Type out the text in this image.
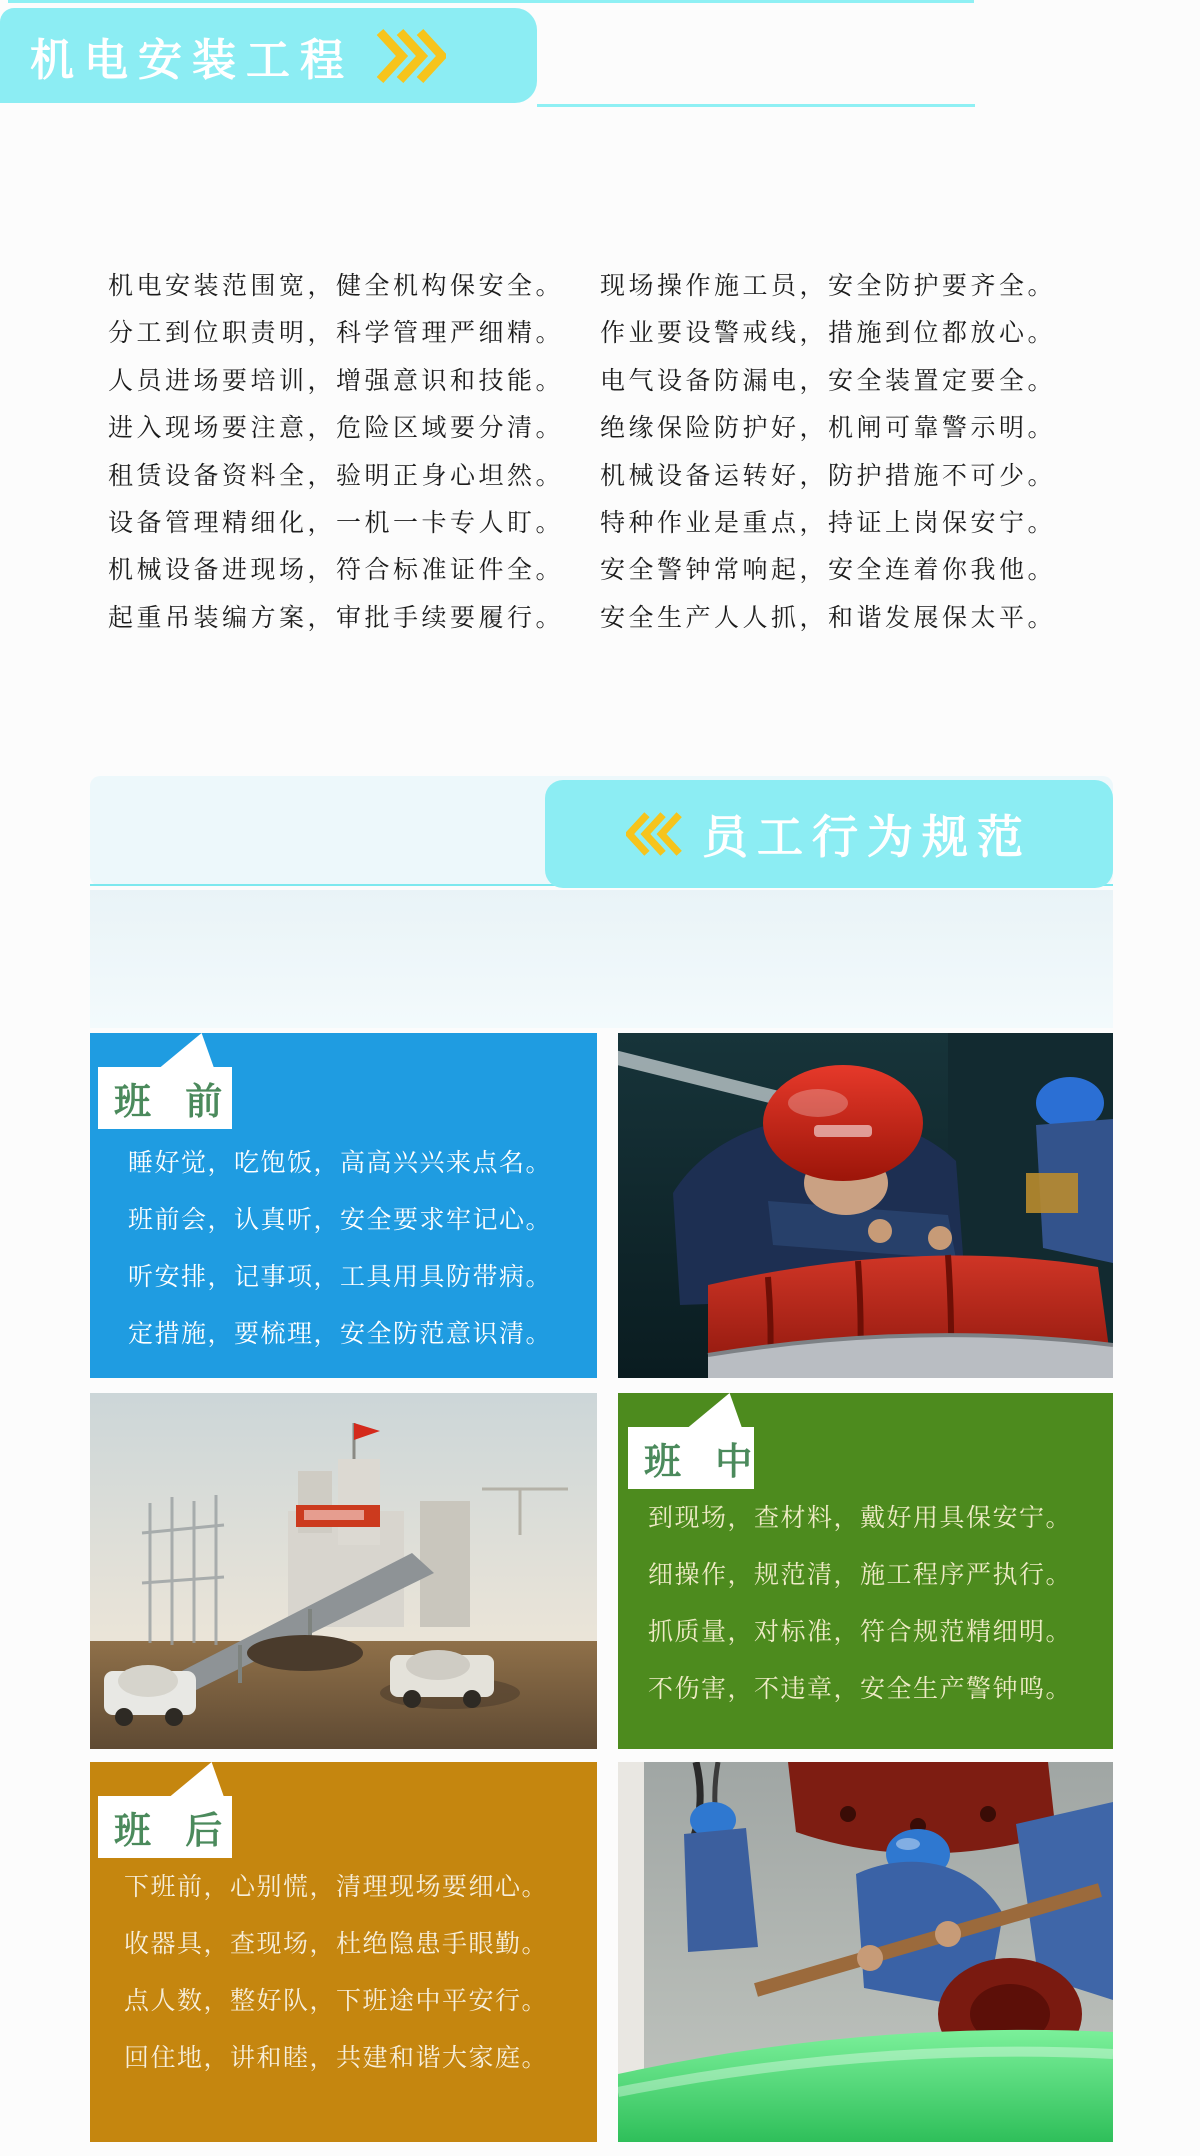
机电安装工程
机电安装范围宽，健全机构保安全。
分工到位职责明，科学管理严细精。
人员进场要培训，增强意识和技能。
进入现场要注意，危险区域要分清。
租赁设备资料全，验明正身心坦然。
设备管理精细化，一机一卡专人盯。
机械设备进现场，符合标准证件全。
起重吊装编方案，审批手续要履行。
现场操作施工员，安全防护要齐全。
作业要设警戒线，措施到位都放心。
电气设备防漏电，安全装置定要全。
绝缘保险防护好，机闸可靠警示明。
机械设备运转好，防护措施不可少。
特种作业是重点，持证上岗保安宁。
安全警钟常响起，安全连着你我他。
安全生产人人抓，和谐发展保太平。
员工行为规范
班 前
睡好觉，吃饱饭，高高兴兴来点名。
班前会，认真听，安全要求牢记心。
听安排，记事项，工具用具防带病。
定措施，要梳理，安全防范意识清。
班 中
到现场，查材料，戴好用具保安宁。
细操作，规范清，施工程序严执行。
抓质量，对标准，符合规范精细明。
不伤害，不违章，安全生产警钟鸣。
班 后
下班前，心别慌，清理现场要细心。
收器具，查现场，杜绝隐患手眼勤。
点人数，整好队，下班途中平安行。
回住地，讲和睦，共建和谐大家庭。
